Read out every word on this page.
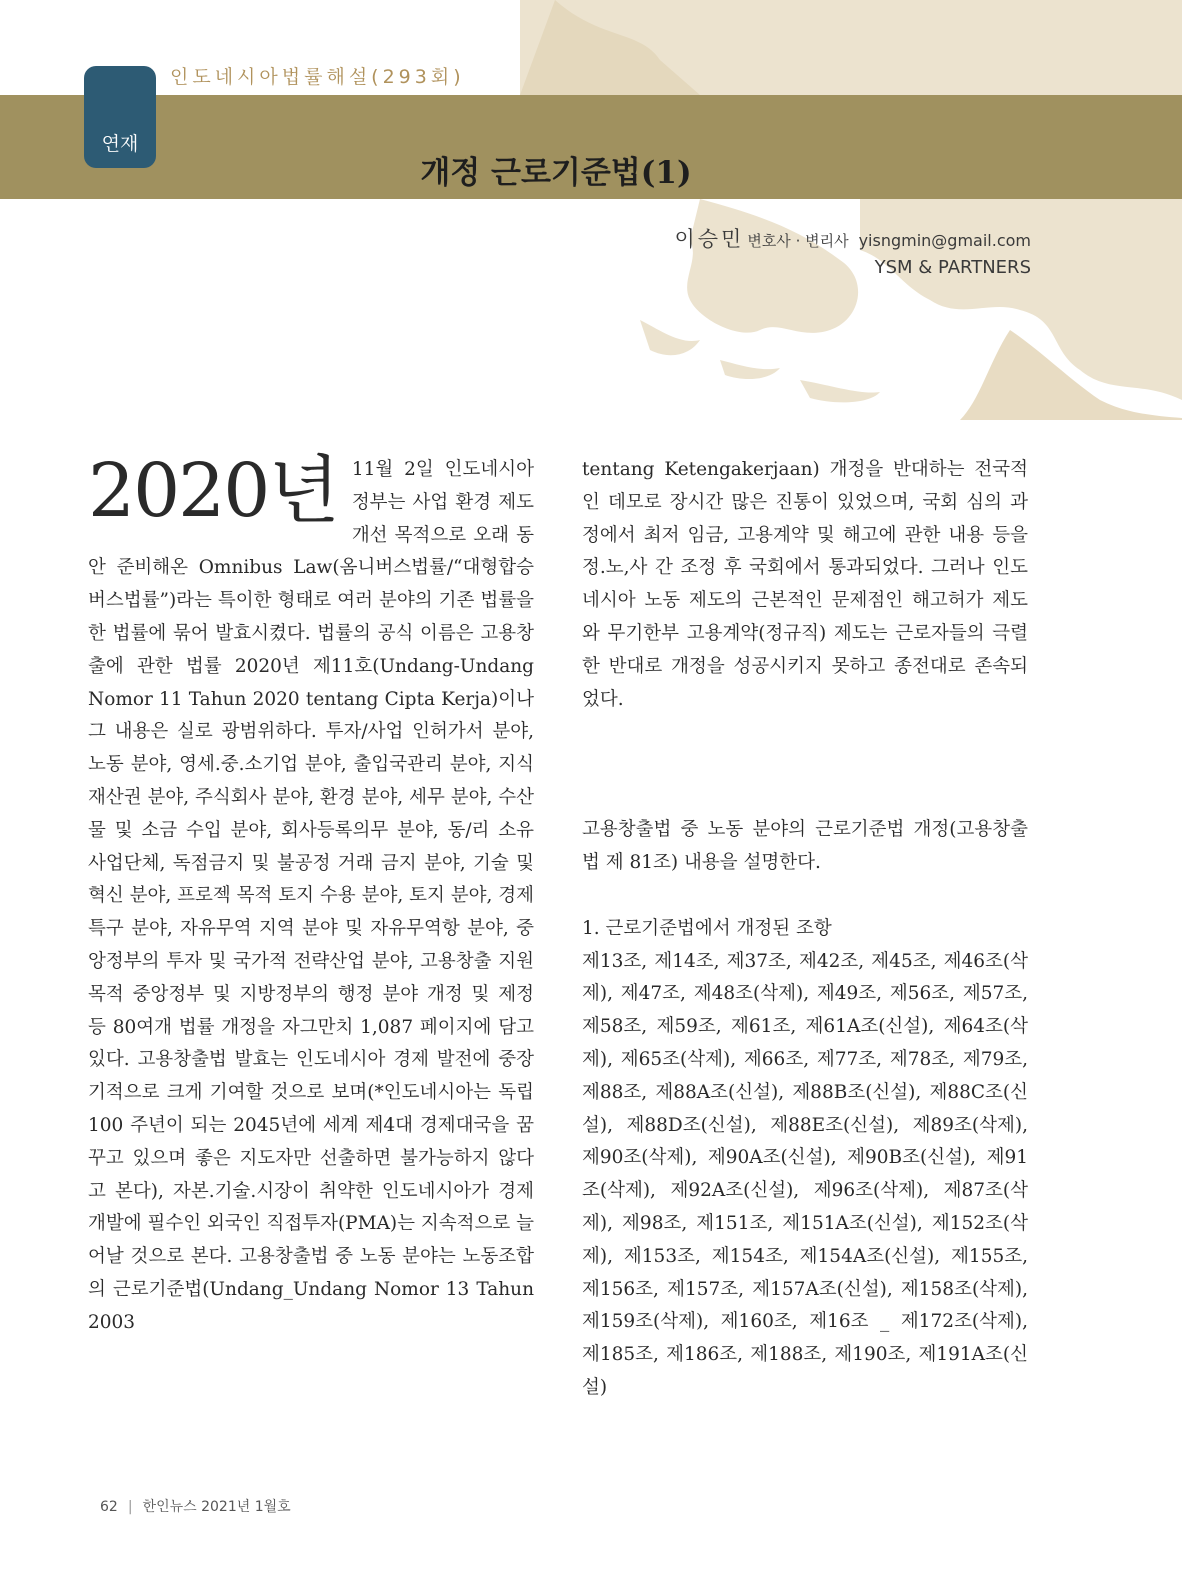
인도네시아법률해설(293회)
연재
개정 근로기준법(1)
이승민 변호사 · 변리사 yisngmin@gmail.com
YSM & PARTNERS
2020년 11월 2일 인도네시아 정부는 사업 환경 제도 개선 목적으로 오래 동안 준비해온 Omnibus Law(옴니버스법률/“대형합승버스법률”)라는 특이한 형태로 여러 분야의 기존 법률을 한 법률에 묶어 발효시켰다. 법률의 공식 이름은 고용창출에 관한 법률 2020년 제11호(Undang-Undang Nomor 11 Tahun 2020 tentang Cipta Kerja)이나 그 내용은 실로 광범위하다. 투자/사업 인허가서 분야, 노동 분야, 영세.중.소기업 분야, 출입국관리 분야, 지식재산권 분야, 주식회사 분야, 환경 분야, 세무 분야, 수산물 및 소금 수입 분야, 회사등록의무 분야, 동/리 소유 사업단체, 독점금지 및 불공정 거래 금지 분야, 기술 및 혁신 분야, 프로젝 목적 토지 수용 분야, 토지 분야, 경제특구 분야, 자유무역 지역 분야 및 자유무역항 분야, 중앙정부의 투자 및 국가적 전략산업 분야, 고용창출 지원 목적 중앙정부 및 지방정부의 행정 분야 개정 및 제정 등 80여개 법률 개정을 자그만치 1,087 페이지에 담고 있다. 고용창출법 발효는 인도네시아 경제 발전에 중장기적으로 크게 기여할 것으로 보며(*인도네시아는 독립 100 주년이 되는 2045년에 세계 제4대 경제대국을 꿈꾸고 있으며 좋은 지도자만 선출하면 불가능하지 않다고 본다), 자본.기술.시장이 취약한 인도네시아가 경제 개발에 필수인 외국인 직접투자(PMA)는 지속적으로 늘어날 것으로 본다. 고용창출법 중 노동 분야는 노동조합의 근로기준법(Undang_Undang Nomor 13 Tahun 2003
tentang Ketengakerjaan) 개정을 반대하는 전국적인 데모로 장시간 많은 진통이 있었으며, 국회 심의 과정에서 최저 임금, 고용계약 및 해고에 관한 내용 등을 정.노,사 간 조정 후 국회에서 통과되었다. 그러나 인도네시아 노동 제도의 근본적인 문제점인 해고허가 제도와 무기한부 고용계약(정규직) 제도는 근로자들의 극렬한 반대로 개정을 성공시키지 못하고 종전대로 존속되었다.
고용창출법 중 노동 분야의 근로기준법 개정(고용창출법 제 81조) 내용을 설명한다.
1. 근로기준법에서 개정된 조항
제13조, 제14조, 제37조, 제42조, 제45조, 제46조(삭제), 제47조, 제48조(삭제), 제49조, 제56조, 제57조, 제58조, 제59조, 제61조, 제61A조(신설), 제64조(삭제), 제65조(삭제), 제66조, 제77조, 제78조, 제79조, 제88조, 제88A조(신설), 제88B조(신설), 제88C조(신설), 제88D조(신설), 제88E조(신설), 제89조(삭제), 제90조(삭제), 제90A조(신설), 제90B조(신설), 제91조(삭제), 제92A조(신설), 제96조(삭제), 제87조(삭제), 제98조, 제151조, 제151A조(신설), 제152조(삭제), 제153조, 제154조, 제154A조(신설), 제155조, 제156조, 제157조, 제157A조(신설), 제158조(삭제), 제159조(삭제), 제160조, 제16조 _ 제172조(삭제), 제185조, 제186조, 제188조, 제190조, 제191A조(신설)
62 | 한인뉴스 2021년 1월호
